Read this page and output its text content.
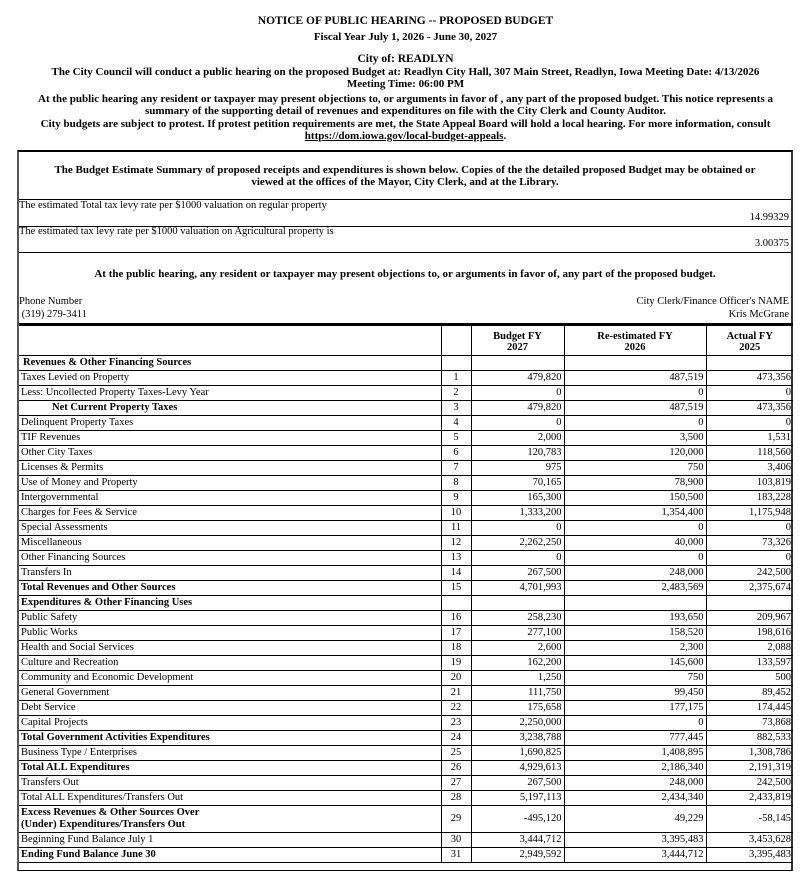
NOTICE OF PUBLIC HEARING -- PROPOSED BUDGET
Fiscal Year July 1, 2026 - June 30, 2027
City of: READLYN
The City Council will conduct a public hearing on the proposed Budget at: Readlyn City Hall, 307 Main Street, Readlyn, Iowa Meeting Date: 4/13/2026
Meeting Time: 06:00 PM
At the public hearing any resident or taxpayer may present objections to, or arguments in favor of , any part of the proposed budget. This notice represents a summary of the supporting detail of revenues and expenditures on file with the City Clerk and County Auditor.
City budgets are subject to protest. If protest petition requirements are met, the State Appeal Board will hold a local hearing. For more information, consult
https://dom.iowa.gov/local-budget-appeals.
The Budget Estimate Summary of proposed receipts and expenditures is shown below. Copies of the the detailed proposed Budget may be obtained or viewed at the offices of the Mayor, City Clerk, and at the Library.
The estimated Total tax levy rate per $1000 valuation on regular property
14.99329
The estimated tax levy rate per $1000 valuation on Agricultural property is
3.00375
At the public hearing, any resident or taxpayer may present objections to, or arguments in favor of, any part of the proposed budget.
Phone Number
(319) 279-3411
City Clerk/Finance Officer's NAME
Kris McGrane
		Budget FY
2027	Re-estimated FY
2026	Actual FY
2025
Revenues & Other Financing Sources				
Taxes Levied on Property	1	479,820	487,519	473,356
Less: Uncollected Property Taxes-Levy Year	2	0	0	0
Net Current Property Taxes	3	479,820	487,519	473,356
Delinquent Property Taxes	4	0	0	0
TIF Revenues	5	2,000	3,500	1,531
Other City Taxes	6	120,783	120,000	118,560
Licenses & Permits	7	975	750	3,406
Use of Money and Property	8	70,165	78,900	103,819
Intergovernmental	9	165,300	150,500	183,228
Charges for Fees & Service	10	1,333,200	1,354,400	1,175,948
Special Assessments	11	0	0	0
Miscellaneous	12	2,262,250	40,000	73,326
Other Financing Sources	13	0	0	0
Transfers In	14	267,500	248,000	242,500
Total Revenues and Other Sources	15	4,701,993	2,483,569	2,375,674
Expenditures & Other Financing Uses				
Public Safety	16	258,230	193,650	209,967
Public Works	17	277,100	158,520	198,616
Health and Social Services	18	2,600	2,300	2,088
Culture and Recreation	19	162,200	145,600	133,597
Community and Economic Development	20	1,250	750	500
General Government	21	111,750	99,450	89,452
Debt Service	22	175,658	177,175	174,445
Capital Projects	23	2,250,000	0	73,868
Total Government Activities Expenditures	24	3,238,788	777,445	882,533
Business Type / Enterprises	25	1,690,825	1,408,895	1,308,786
Total ALL Expenditures	26	4,929,613	2,186,340	2,191,319
Transfers Out	27	267,500	248,000	242,500
Total ALL Expenditures/Transfers Out	28	5,197,113	2,434,340	2,433,819
Excess Revenues & Other Sources Over
(Under) Expenditures/Transfers Out	29	-495,120	49,229	-58,145
Beginning Fund Balance July 1	30	3,444,712	3,395,483	3,453,628
Ending Fund Balance June 30	31	2,949,592	3,444,712	3,395,483
